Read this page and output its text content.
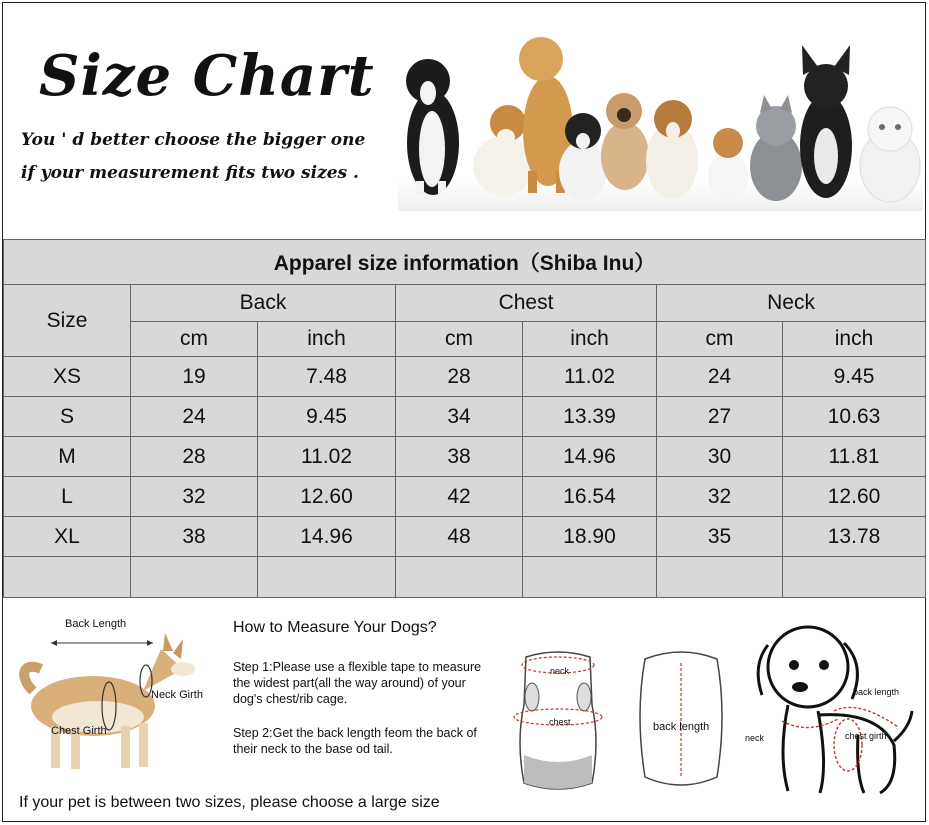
Size Chart
You ' d better choose the bigger one
if your measurement fits two sizes .
Apparel size information（Shiba Inu）						
Size	Back		Chest		Neck	
	cm	inch	cm	inch	cm	inch
XS	19	7.48	28	11.02	24	9.45
S	24	9.45	34	13.39	27	10.63
M	28	11.02	38	14.96	30	11.81
L	32	12.60	42	16.54	32	12.60
XL	38	14.96	48	18.90	35	13.78

Back Length
Neck Girth
Chest Girth
How to Measure Your Dogs?
Step 1:Please use a flexible tape to measure the widest part(all the way around) of your dog's chest/rib cage.
Step 2:Get the back length feom the back of their neck to the base od tail.
neck
chest	back length
back length
neck	chest girth
If your pet is between two sizes, please choose a large size
